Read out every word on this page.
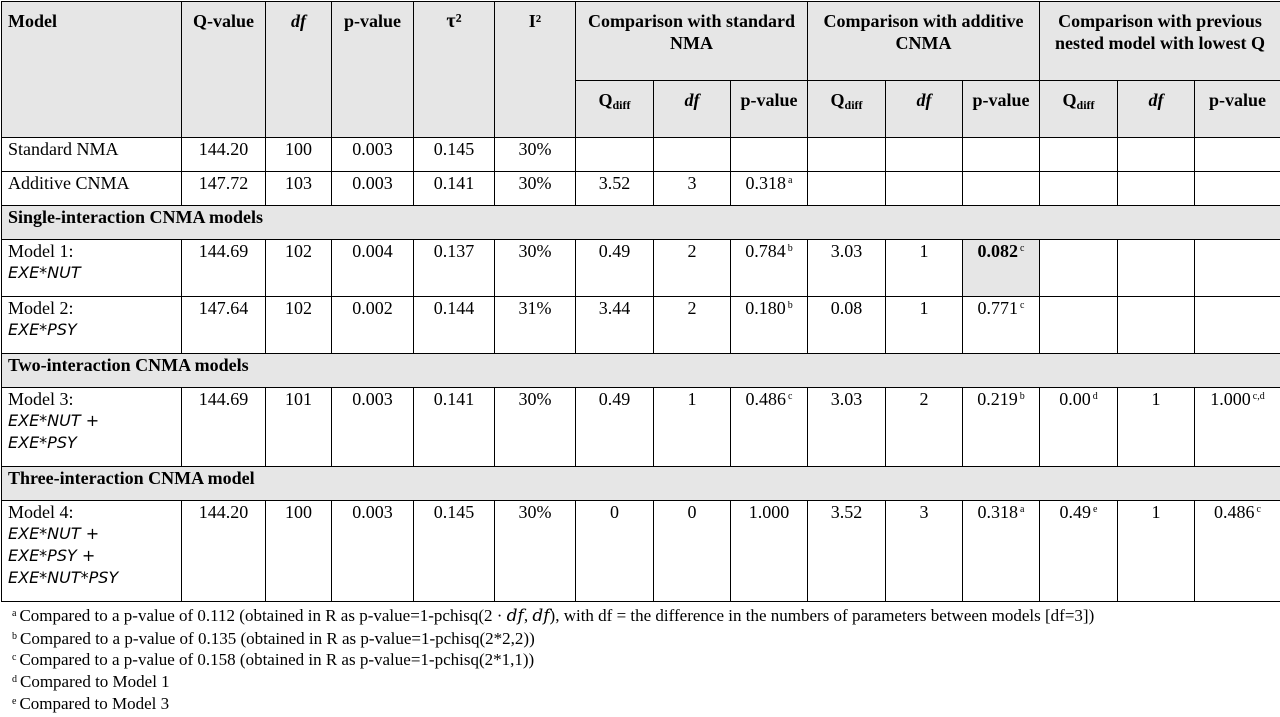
Model	Q-value	df	p-value	τ²	I²	Comparison with standard NMA			Comparison with additive CNMA			Comparison with previous nested model with lowest Q		
						$Q_{diff}$	df	p-value	$Q_{diff}$	df	p-value	$Q_{diff}$	df	p-value
Standard NMA	144.20	100	0.003	0.145	30%									
Additive CNMA	147.72	103	0.003	0.141	30%	3.52	3	0.318 $^a$						
Single-interaction CNMA models														

Model 1:
EXE*NUT	144.69	102	0.004	0.137	30%	0.49	2	0.784 $^b$	3.03	1	0.082 $^c$			

Model 2:
EXE*PSY	147.64	102	0.002	0.144	31%	3.44	2	0.180 $^b$	0.08	1	0.771 $^c$			
Two-interaction CNMA models														

Model 3:
EXE*NUT +
EXE*PSY	144.69	101	0.003	0.141	30%	0.49	1	0.486 $^c$	3.03	2	0.219 $^b$	0.00 $^d$	1	1.000 $^{c,d}$
Three-interaction CNMA model														

Model 4:
EXE*NUT +
EXE*PSY +
EXE*NUT*PSY	144.20	100	0.003	0.145	30%	0	0	1.000	3.52	3	0.318 $^a$	0.49 $^e$	1	0.486 $^c$
$^a$ Compared to a p-value of 0.112 (obtained in R as p-value=1-pchisq(2 · df, df), with df = the difference in the numbers of parameters between models [df=3])
$^b$ Compared to a p-value of 0.135 (obtained in R as p-value=1-pchisq(2*2,2))
$^c$ Compared to a p-value of 0.158 (obtained in R as p-value=1-pchisq(2*1,1))
$^d$ Compared to Model 1
$^e$ Compared to Model 3
